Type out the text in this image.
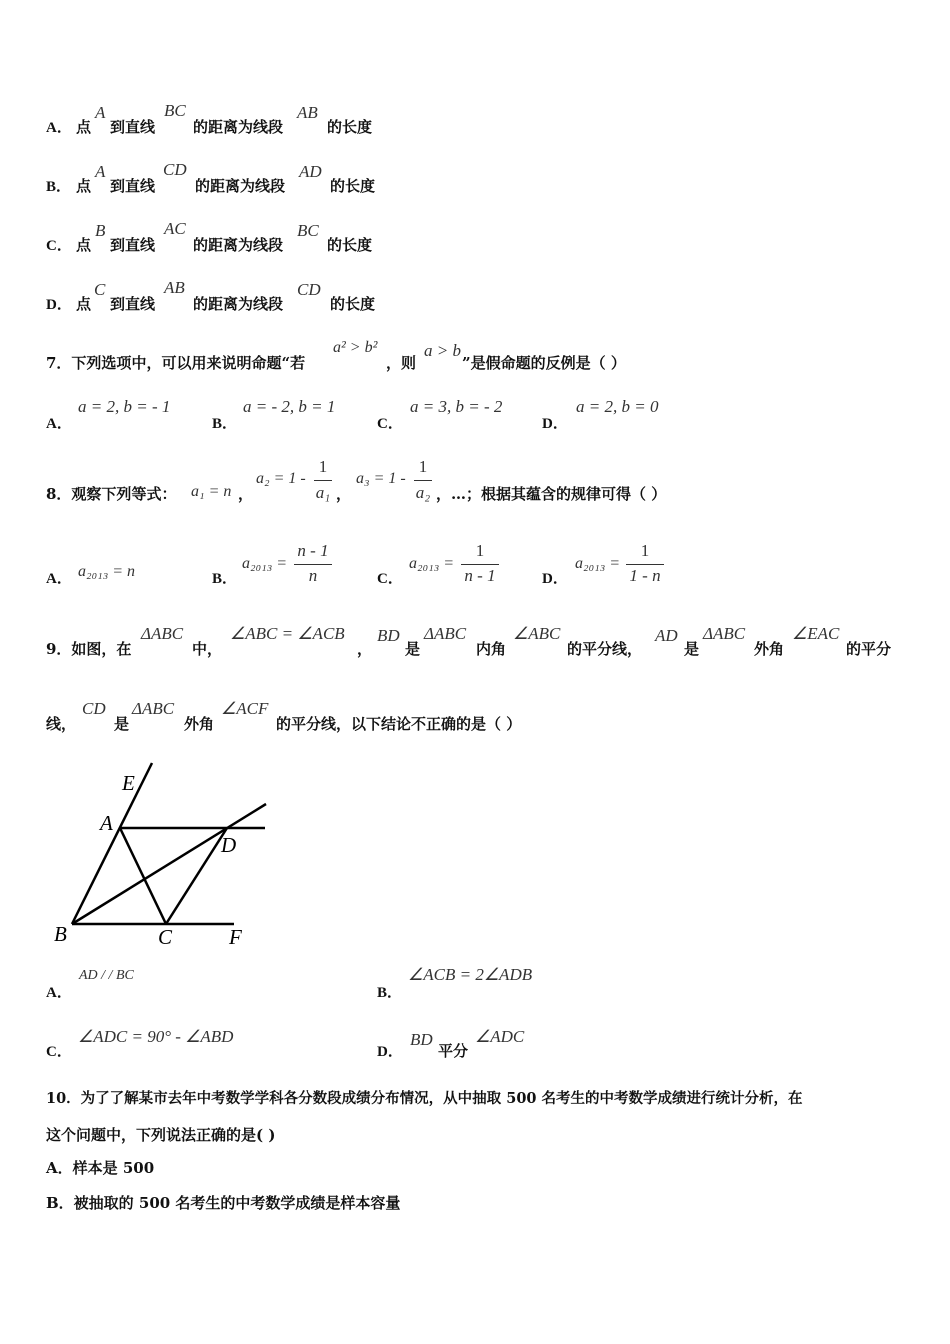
A． 点
A
到直线
BC
的距离为线段
AB
的长度
B． 点
A
到直线
CD
的距离为线段
AD
的长度
C． 点
B
到直线
AC
的距离为线段
BC
的长度
D． 点
C
到直线
AB
的距离为线段
CD
的长度
7．下列选项中，可以用来说明命题“若
a² > b²
，则
a > b
”是假命题的反例是（ ）
A．
a = 2, b = - 1
B．
a = - 2, b = 1
C．
a = 3, b = - 2
D．
a = 2, b = 0
8．观察下列等式： a₁ = n ，
a₂ = 1 -
1
a₁ ，
a₃ = 1 -
1
a₂ ，…；根据其蕴含的规律可得（ ）
A． a₂₀₁₃ = n	B．
a₂₀₁₃ =
n - 1
n	C．
a₂₀₁₃ =
1
n - 1	D．
a₂₀₁₃ =
1
1 - n
9．如图，在
ΔABC
中，
∠ABC = ∠ACB
，
BD
是
ΔABC
内角
∠ABC
的平分线，
AD
是
ΔABC
外角
∠EAC
的平分
线，
CD
是
ΔABC
外角
∠ACF
的平分线，以下结论不正确的是（ ）
E
A
D
B	C	F
A．
AD / / BC
B．
∠ACB = 2∠ADB
C．
∠ADC = 90° - ∠ABD
D．
BD
平分
∠ADC
10．为了了解某市去年中考数学学科各分数段成绩分布情况，从中抽取 500 名考生的中考数学成绩进行统计分析，在
这个问题中，下列说法正确的是( )
A．样本是 500
B．被抽取的 500 名考生的中考数学成绩是样本容量
